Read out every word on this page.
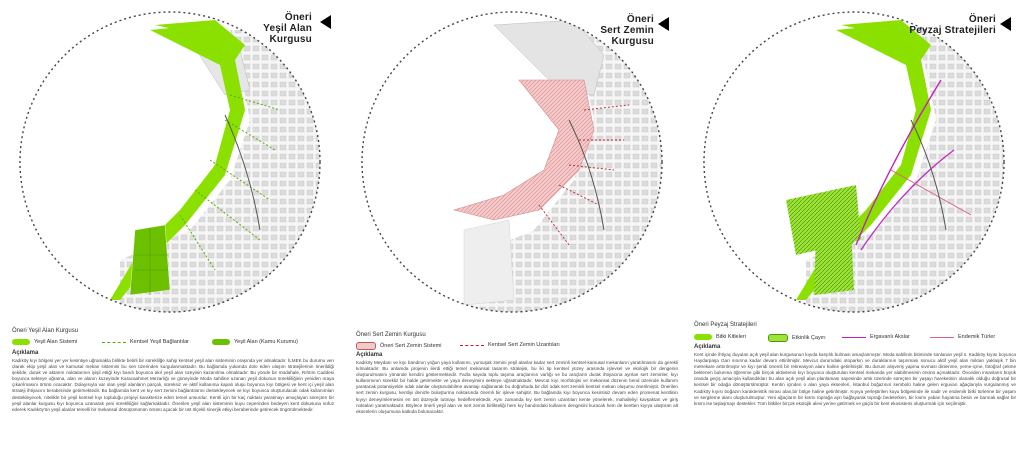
Öneri
Yeşil Alan Kurgusu
Öneri Yeşil Alan Kurgusu
Yeşil Alan Sistemi	Kentsel Yeşil Bağlantılar	Yeşil Alan (Kamu Kurumu)
Açıklama
Kadıköy kıyı bölgesi yer yer kesintiye uğramakla birlikte belirli bir süreklilğe sahip kentsel yeşil alan sisteminin oraşında yer almaktadır. İLMEK bu durumu ven olarak ekip yeşil alan ve kamusal mekan sistemini bu sen üzerinden kurgulanmaktadır. Bu bağlamda yukarıda dolo eden ulaşım stratejilerinin önerildiği şekilde, durak ve aktarım noktalarının iyişil ettiği kıyı bandı boyunca akıl yeşil alan üzeyinin kazanılma olmaktadır. Bu yönde bir müdahale, Rıhtım Caddesi boyunca sekteye uğrama, alan ve alanın kuzeyinde Karacaahmet Mezarlığı ve güneyinde Moda sahiline uzanan yeşil dokunun sürekliliğinin yeniden oraya çıkarılmasını örünü ocacaktır. Dolayısıyla var olan yeşil alanların parçalı, süreksiz ve aktif kullanıma kapalı oluşu boyunca kıyı bölgesi ve kent içi yeşil alan strateji ihtiyacını beraberinde getirmektedir. Bu bağlamda kent ve kıy sert zemini bağlantılarını destekleyecek ve kıyı boyunca oluşturulacak odak kullanımları destekleyecek, nitelikle bir yeşil kentsel kıyı topluluğu projeyi karakterize eden temel unsurdur. Kentli için bir kaç noktası yaratmayı amaçlayan süreçten bir yeşil alanlar kurgusu kıyı boyunca uzanarak yeni sürekliliğini sağlamaktadır. Önerilen yeşil alan sisteminin kuyu ceperinden bedeyen kent dokusuna nüfuz ederek Kadıköy'ün yeşil alanlar temelli bir mekansal dönüşümünün önünü açacak bir üst ölçekli sinerjik etkiyi beraberinde getirecek öngörülmektedir.
Öneri
Sert Zemin Kurgusu
Öneri Sert Zemin Kurgusu
Öneri Sert Zemin Sistemi	Kentsel Sert Zemin Uzantıları
Açıklama
Kadıköy Meydanı ve kıyı bandının yoğun yaya kullanımı, yumuşak zemini yeşil alanlar kadar sert zeminli kentsel-kamusal mekanların yaratılmasını da gerekli kılmaktadır. Bu anlamda projenin ilerdi ettiği temel mekansal tasarım stratejisi, bu iki tip kentsel yüzey arasında işlevsel ve ekolojik bir dengenin oluşturulmasını yönünde kendini göstermektedir. Fazla sayıda toplu taşıma araçlarının varlığı ve bu araçların durak ihtiyacına ayrılan sert zeminler, kıyı kullanımının sürekliz bir halde getirmekte ve yaya deneyimini sekteye uğratmaktadır. Mevcut kıyı morfolojisi ve mekansal düzenin bend üzerinde kullanım yaratacak potansiyelde odak alanlar oluşturulabilme avantajı sağlanarak bu doğrultuda bir dizi odak sert zeminli kentsel mekan oluşumu önerilmiştir. Önerilen sert zemin kurgusu, kentliyi denizle buluşturma noktasında önemli bir işleve sahiptir. Bu bağlamda kıyı boyunca kesintisiz devam eden promenat kentlinin kıyıyı deneyimlemesini en üst düzeyde tutmayı hedeflemektedir. Aynı zamanda kıy sert zemin uzantıları kente yönelerek, mahalleliyi kavşaktan ve giriş noktaları yaratmaktadır. Böylece önerli yeşil alan ve sert zemin birlikteliği hem kıy bandındaki kullanım dengesini kuracak hem de kentten kıyıya ulaştıran alt eksenlerin oluşumuna katkıda bulunacaktır.
Öneri
Peyzaj Stratejileri
Öneri Peyzaj Stratejileri
Bitki Kitleleri	Etkinlik Çayırı	Ergavanlı Akslar	Endemik Türler
Açıklama
Kent içinde ihtiyaç duyulan açık yeşil alan kurgusunun kıyıda karşılık bulması amaçlanmıştır. Moda sahilinin bitiminde sonlanan yeşil s. Kadıköy kıyısı boyunca Haydarpaşa Garı sınırına kadar devam ettirilmiştir. Mevcut durumdaki otoparkın ve duraklarının taşınması sonucu aktif yeşil alan miktarı yaklaşık 7 bin metrekare arttırılmıştır ve kıyı şeridi önemli bir rekreasyon alanı haline getirilmiştir. Bu durum alışveriş yapma sıvması dinlenme, yeme-içme, fotoğraf çekme beklenen bulunma öğrenme gibi birçok aktivitenin kıyı boyunca oluşturulan kentsel mekanda yer alabilmesinin önünü açmaktadır. Önceden insanların büyük oranda geçiş amacıyla kullandıkları bu alan açık yeşil alan planlaması sayesinde artık üzerinde süreçten bir yaşayı hareketinin olanaklı olduğu doğrusal bir kentsel bir odağa dönüştürülmüştür. Kentin içinden o alan yaya eksenleri, İstanbul boğazının sembolü haline gelen erguvan ağaçlarıyla vurgulanmış ve Kadıköy kıyısı boğazın karakteristik mirası alan,bir bölge haline getirilmiştir. Kıyıya yerleştirilen kuyu bölgesinde ile nadir ve endemik bitki türlerine bir yaşam ve sergileme alanı oluşturulmuştur. Yeni ağaçların bir kısmı toprağa ayrı bağlayarak toprağı bedelerken, bir kısmı yaban hayatına besin ve barınak sağlar bir kısmı ise taşlaşmayı destekler. Tüm bitkiler birçok ekolojik alevi yerine getirmek ve güçlü bir kent ekosistemi oluşturmak için seçilmiştir.
